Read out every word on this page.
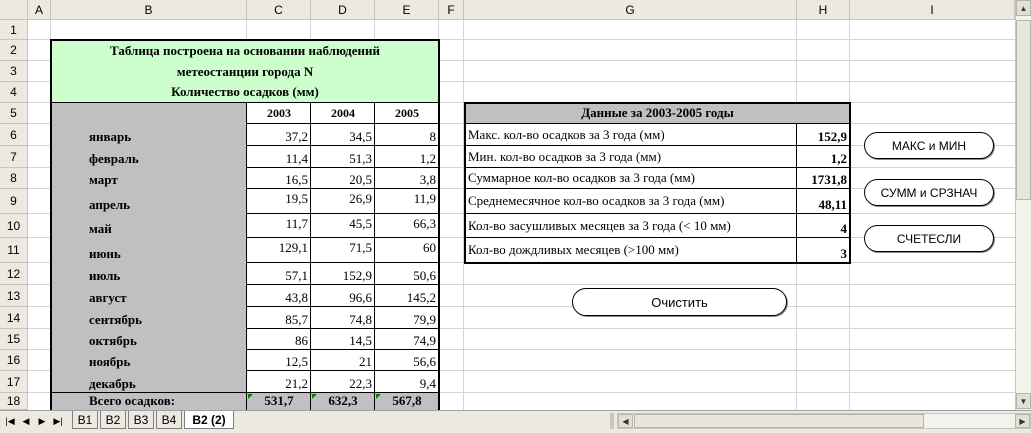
A	B	C	D	E	F	G	H	I
1
2
3
4
5
6
7
8
9
10
11
12
13
14
15
16
17
18
Таблица построена на основании наблюдений
метеостанции города N
Количество осадков (мм)
2003	2004	2005
январь	37,2	34,5	8
февраль	11,4	51,3	1,2
март	16,5	20,5	3,8
апрель	19,5	26,9	11,9
май	11,7	45,5	66,3
июнь	129,1	71,5	60
июль	57,1	152,9	50,6
август	43,8	96,6	145,2
сентябрь	85,7	74,8	79,9
октябрь	86	14,5	74,9
ноябрь	12,5	21	56,6
декабрь	21,2	22,3	9,4
Всего осадков:	531,7	632,3	567,8
Данные за 2003-2005 годы
Макс. кол-во осадков за 3 года (мм)	152,9
Мин. кол-во осадков за 3 года (мм)	1,2
Суммарное кол-во осадков за 3 года (мм)	1731,8
Среднемесячное кол-во осадков за 3 года (мм)	48,11
Кол-во засушливых месяцев за 3 года (< 10 мм)	4
Кол-во дождливых месяцев (>100 мм)	3
МАКС и МИН
СУММ и СРЗНАЧ
СЧЕТЕСЛИ
Очистить
▲
▼
|◀ ◀ ▶ ▶|	В1	В2	В3	В4	В2 (2)	◀	▶
